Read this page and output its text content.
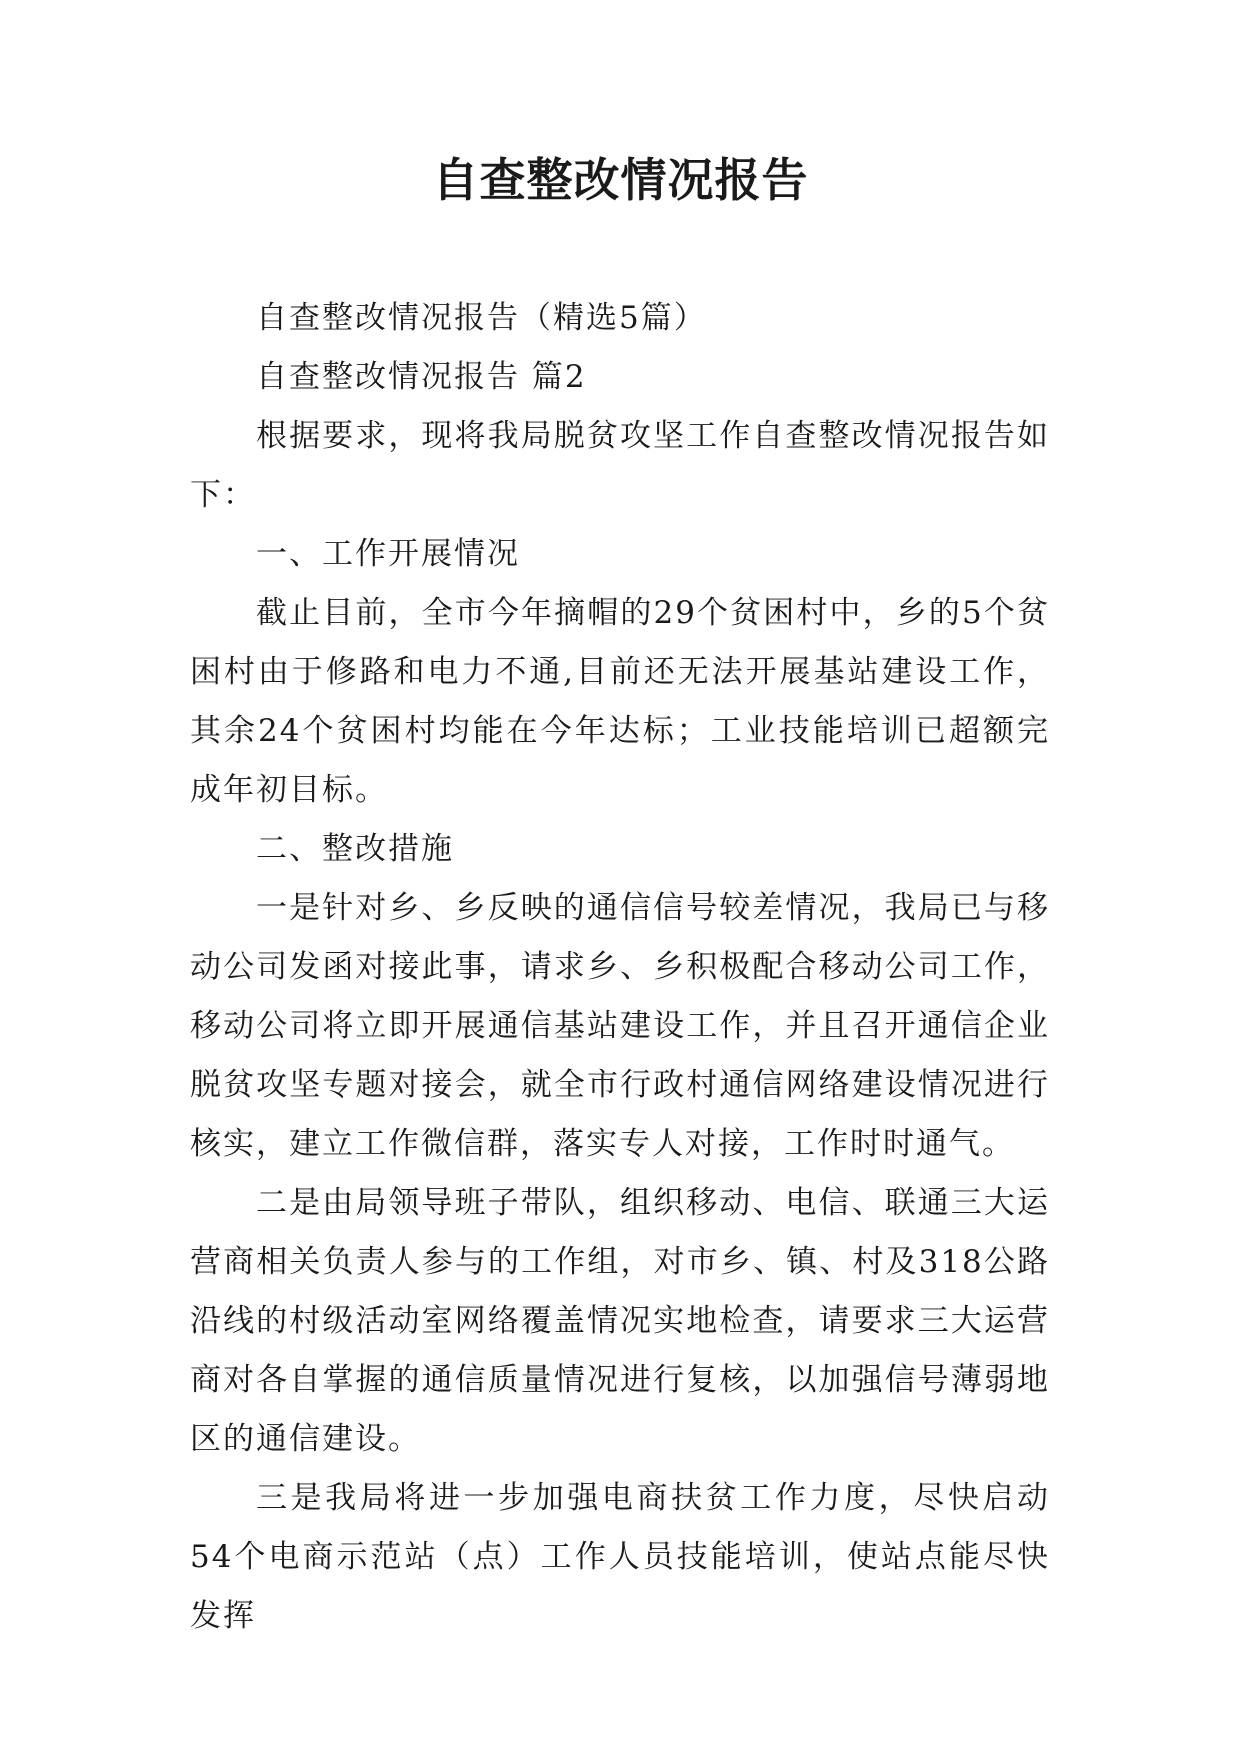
自查整改情况报告

自查整改情况报告（精选5篇）

自查整改情况报告 篇2

根据要求，现将我局脱贫攻坚工作自查整改情况报告如下：

一、工作开展情况

截止目前，全市今年摘帽的29个贫困村中，乡的5个贫困村由于修路和电力不通,目前还无法开展基站建设工作，其余24个贫困村均能在今年达标；工业技能培训已超额完成年初目标。

二、整改措施

一是针对乡、乡反映的通信信号较差情况，我局已与移动公司发函对接此事，请求乡、乡积极配合移动公司工作，移动公司将立即开展通信基站建设工作，并且召开通信企业脱贫攻坚专题对接会，就全市行政村通信网络建设情况进行核实，建立工作微信群，落实专人对接，工作时时通气。

二是由局领导班子带队，组织移动、电信、联通三大运营商相关负责人参与的工作组，对市乡、镇、村及318公路沿线的村级活动室网络覆盖情况实地检查，请要求三大运营商对各自掌握的通信质量情况进行复核，以加强信号薄弱地区的通信建设。

三是我局将进一步加强电商扶贫工作力度，尽快启动54个电商示范站（点）工作人员技能培训，使站点能尽快发挥
